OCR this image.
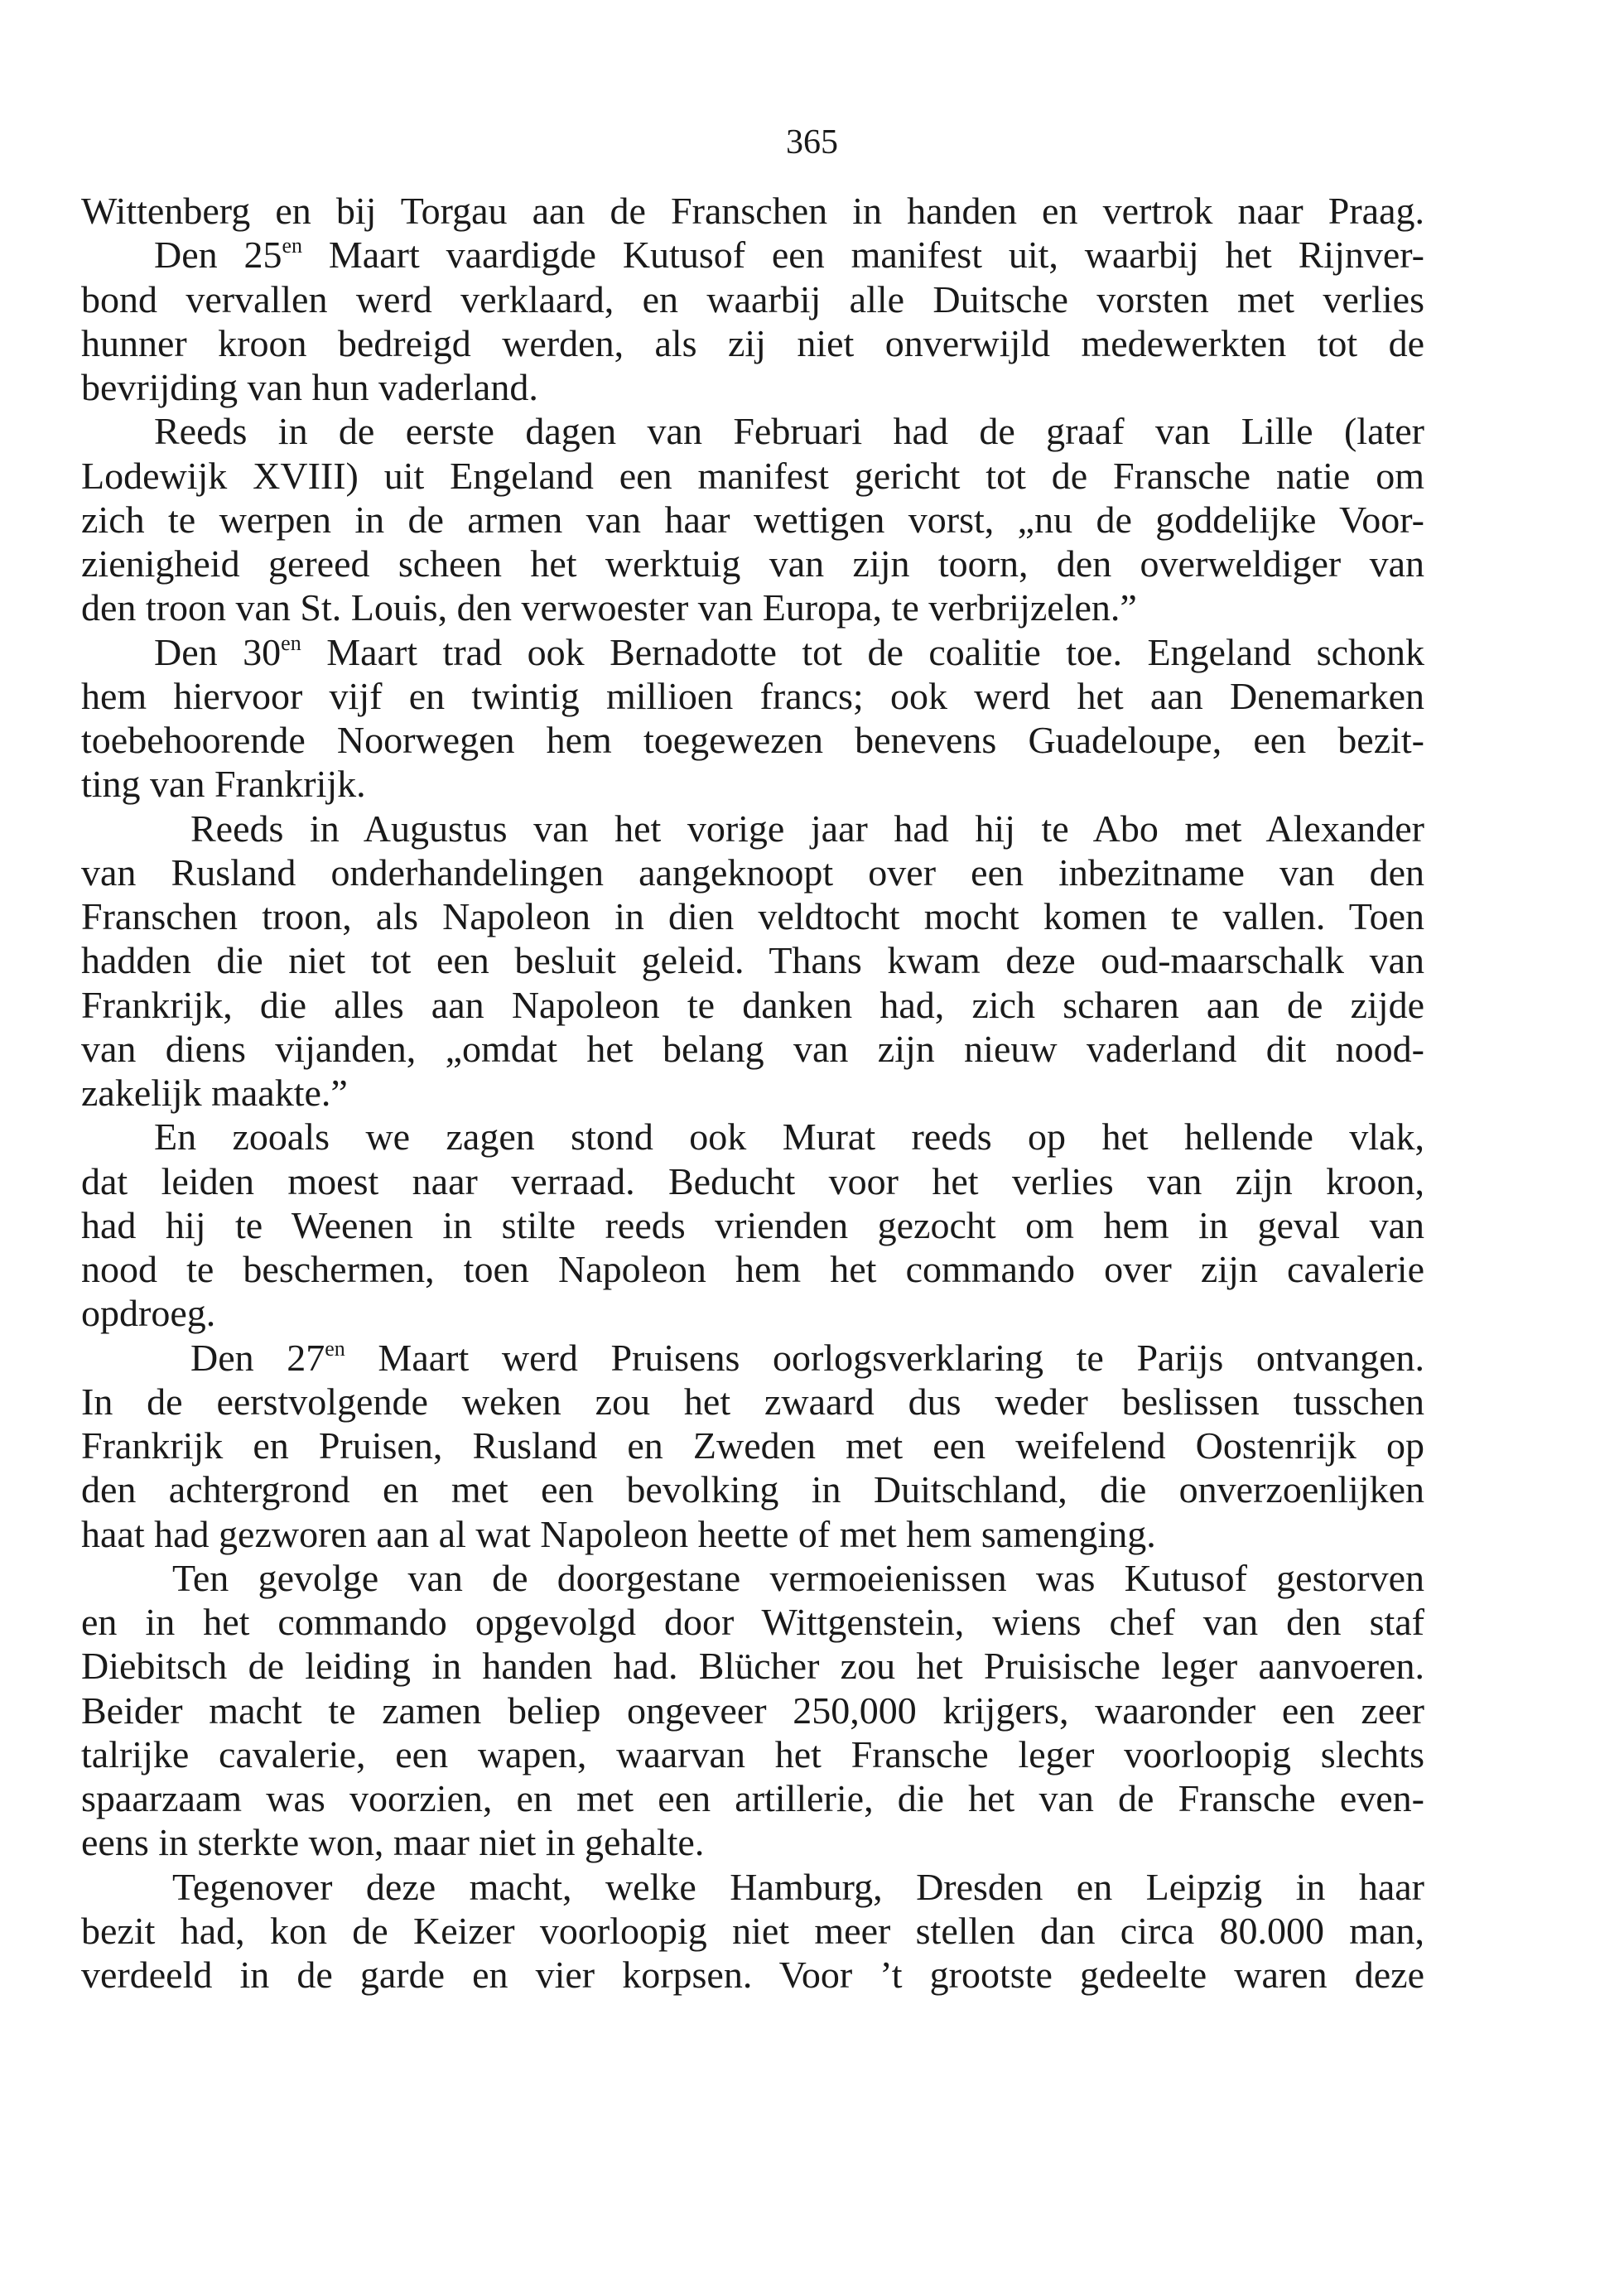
365
Wittenberg en bij Torgau aan de Franschen in handen en vertrok naar Praag.
Den $25^{en}$ Maart vaardigde Kutusof een manifest uit, waarbij het Rijnver-
bond vervallen werd verklaard, en waarbij alle Duitsche vorsten met verlies
hunner kroon bedreigd werden, als zij niet onverwijld medewerkten tot de
bevrijding van hun vaderland.
Reeds in de eerste dagen van Februari had de graaf van Lille (later
Lodewijk XVIII) uit Engeland een manifest gericht tot de Fransche natie om
zich te werpen in de armen van haar wettigen vorst, „nu de goddelijke Voor-
zienigheid gereed scheen het werktuig van zijn toorn, den overweldiger van
den troon van St. Louis, den verwoester van Europa, te verbrijzelen.”
Den $30^{en}$ Maart trad ook Bernadotte tot de coalitie toe. Engeland schonk
hem hiervoor vijf en twintig millioen francs; ook werd het aan Denemarken
toebehoorende Noorwegen hem toegewezen benevens Guadeloupe, een bezit-
ting van Frankrijk.
Reeds in Augustus van het vorige jaar had hij te Abo met Alexander
van Rusland onderhandelingen aangeknoopt over een inbezitname van den
Franschen troon, als Napoleon in dien veldtocht mocht komen te vallen. Toen
hadden die niet tot een besluit geleid. Thans kwam deze oud-maarschalk van
Frankrijk, die alles aan Napoleon te danken had, zich scharen aan de zijde
van diens vijanden, „omdat het belang van zijn nieuw vaderland dit nood-
zakelijk maakte.”
En zooals we zagen stond ook Murat reeds op het hellende vlak,
dat leiden moest naar verraad. Beducht voor het verlies van zijn kroon,
had hij te Weenen in stilte reeds vrienden gezocht om hem in geval van
nood te beschermen, toen Napoleon hem het commando over zijn cavalerie
opdroeg.
Den $27^{en}$ Maart werd Pruisens oorlogsverklaring te Parijs ontvangen.
In de eerstvolgende weken zou het zwaard dus weder beslissen tusschen
Frankrijk en Pruisen, Rusland en Zweden met een weifelend Oostenrijk op
den achtergrond en met een bevolking in Duitschland, die onverzoenlijken
haat had gezworen aan al wat Napoleon heette of met hem samenging.
Ten gevolge van de doorgestane vermoeienissen was Kutusof gestorven
en in het commando opgevolgd door Wittgenstein, wiens chef van den staf
Diebitsch de leiding in handen had. Blücher zou het Pruisische leger aanvoeren.
Beider macht te zamen beliep ongeveer 250,000 krijgers, waaronder een zeer
talrijke cavalerie, een wapen, waarvan het Fransche leger voorloopig slechts
spaarzaam was voorzien, en met een artillerie, die het van de Fransche even-
eens in sterkte won, maar niet in gehalte.
Tegenover deze macht, welke Hamburg, Dresden en Leipzig in haar
bezit had, kon de Keizer voorloopig niet meer stellen dan circa 80.000 man,
verdeeld in de garde en vier korpsen. Voor ’t grootste gedeelte waren deze
